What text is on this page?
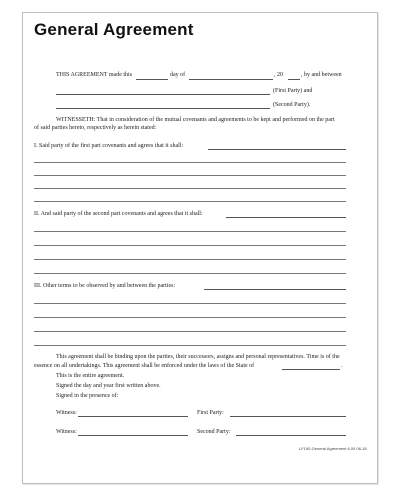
General Agreement
THIS AGREEMENT made this	day of	, 20	, by and between
(First Party) and
(Second Party).
WITNESSETH: That in consideration of the mutual covenants and agreements to be kept and performed on the part
of said parties hereto, respectively as herein stated:
I. Said party of the first part covenants and agrees that it shall:
II. And said party of the second part covenants and agrees that it shall:
III. Other terms to be observed by and between the parties:
This agreement shall be binding upon the parties, their successors, assigns and personal representatives. Time is of the
essence on all undertakings. This agreement shall be enforced under the laws of the State of	.
This is the entire agreement.
Signed the day and year first written above.
Signed in the presence of:
Witness:	First Party:
Witness:	Second Party:
LF190-General Agreement 6.00 06-18
